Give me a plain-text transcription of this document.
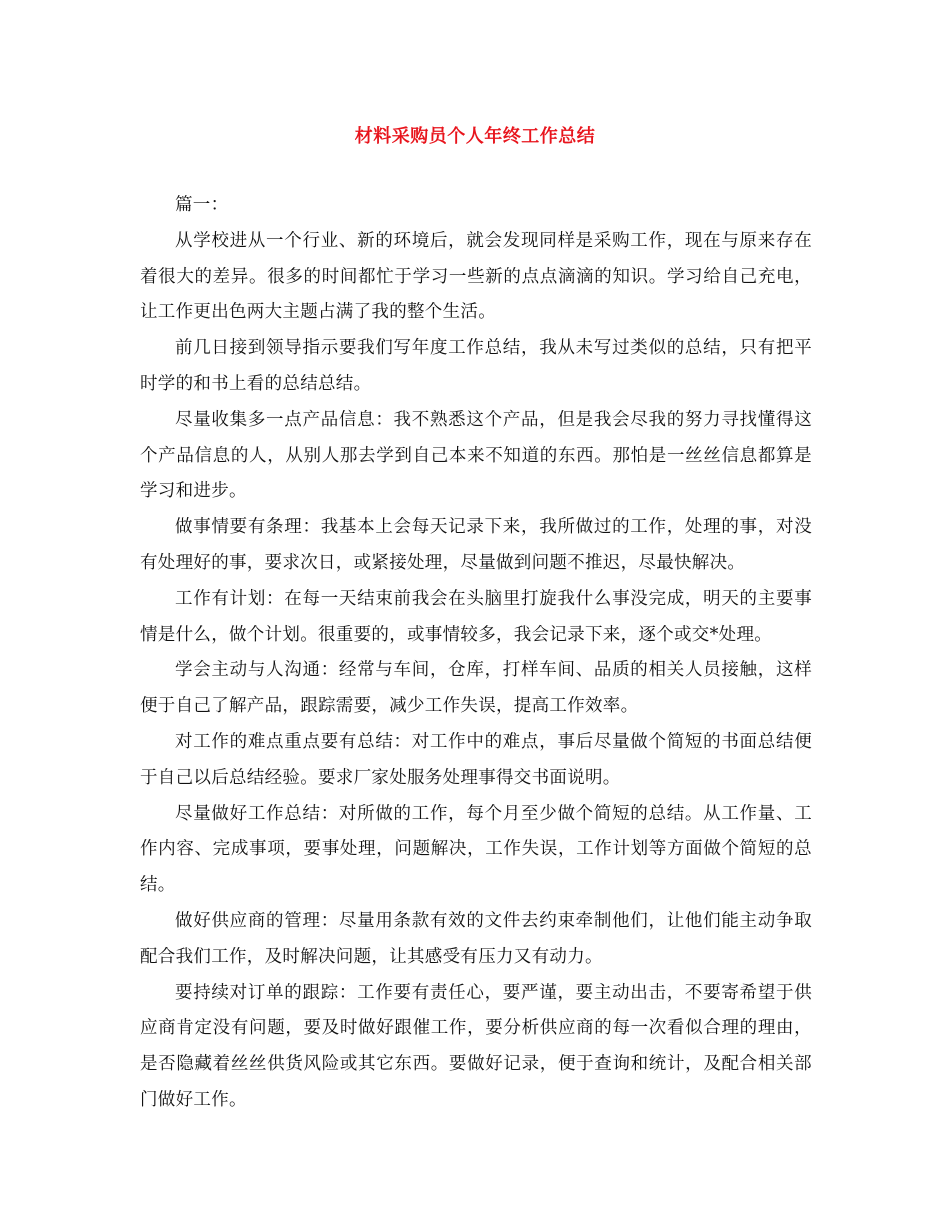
材料采购员个人年终工作总结

篇一：

从学校进从一个行业、新的环境后，就会发现同样是采购工作，现在与原来存在着很大的差异。很多的时间都忙于学习一些新的点点滴滴的知识。学习给自己充电，让工作更出色两大主题占满了我的整个生活。

前几日接到领导指示要我们写年度工作总结，我从未写过类似的总结，只有把平时学的和书上看的总结总结。

尽量收集多一点产品信息：我不熟悉这个产品，但是我会尽我的努力寻找懂得这个产品信息的人，从别人那去学到自己本来不知道的东西。那怕是一丝丝信息都算是学习和进步。

做事情要有条理：我基本上会每天记录下来，我所做过的工作，处理的事，对没有处理好的事，要求次日，或紧接处理，尽量做到问题不推迟，尽最快解决。

工作有计划：在每一天结束前我会在头脑里打旋我什么事没完成，明天的主要事情是什么，做个计划。很重要的，或事情较多，我会记录下来，逐个或交*处理。

学会主动与人沟通：经常与车间，仓库，打样车间、品质的相关人员接触，这样便于自己了解产品，跟踪需要，减少工作失误，提高工作效率。

对工作的难点重点要有总结：对工作中的难点，事后尽量做个简短的书面总结便于自己以后总结经验。要求厂家处服务处理事得交书面说明。

尽量做好工作总结：对所做的工作，每个月至少做个简短的总结。从工作量、工作内容、完成事项，要事处理，问题解决，工作失误，工作计划等方面做个简短的总结。

做好供应商的管理：尽量用条款有效的文件去约束牵制他们，让他们能主动争取配合我们工作，及时解决问题，让其感受有压力又有动力。

要持续对订单的跟踪：工作要有责任心，要严谨，要主动出击，不要寄希望于供应商肯定没有问题，要及时做好跟催工作，要分析供应商的每一次看似合理的理由，是否隐藏着丝丝供货风险或其它东西。要做好记录，便于查询和统计，及配合相关部门做好工作。
